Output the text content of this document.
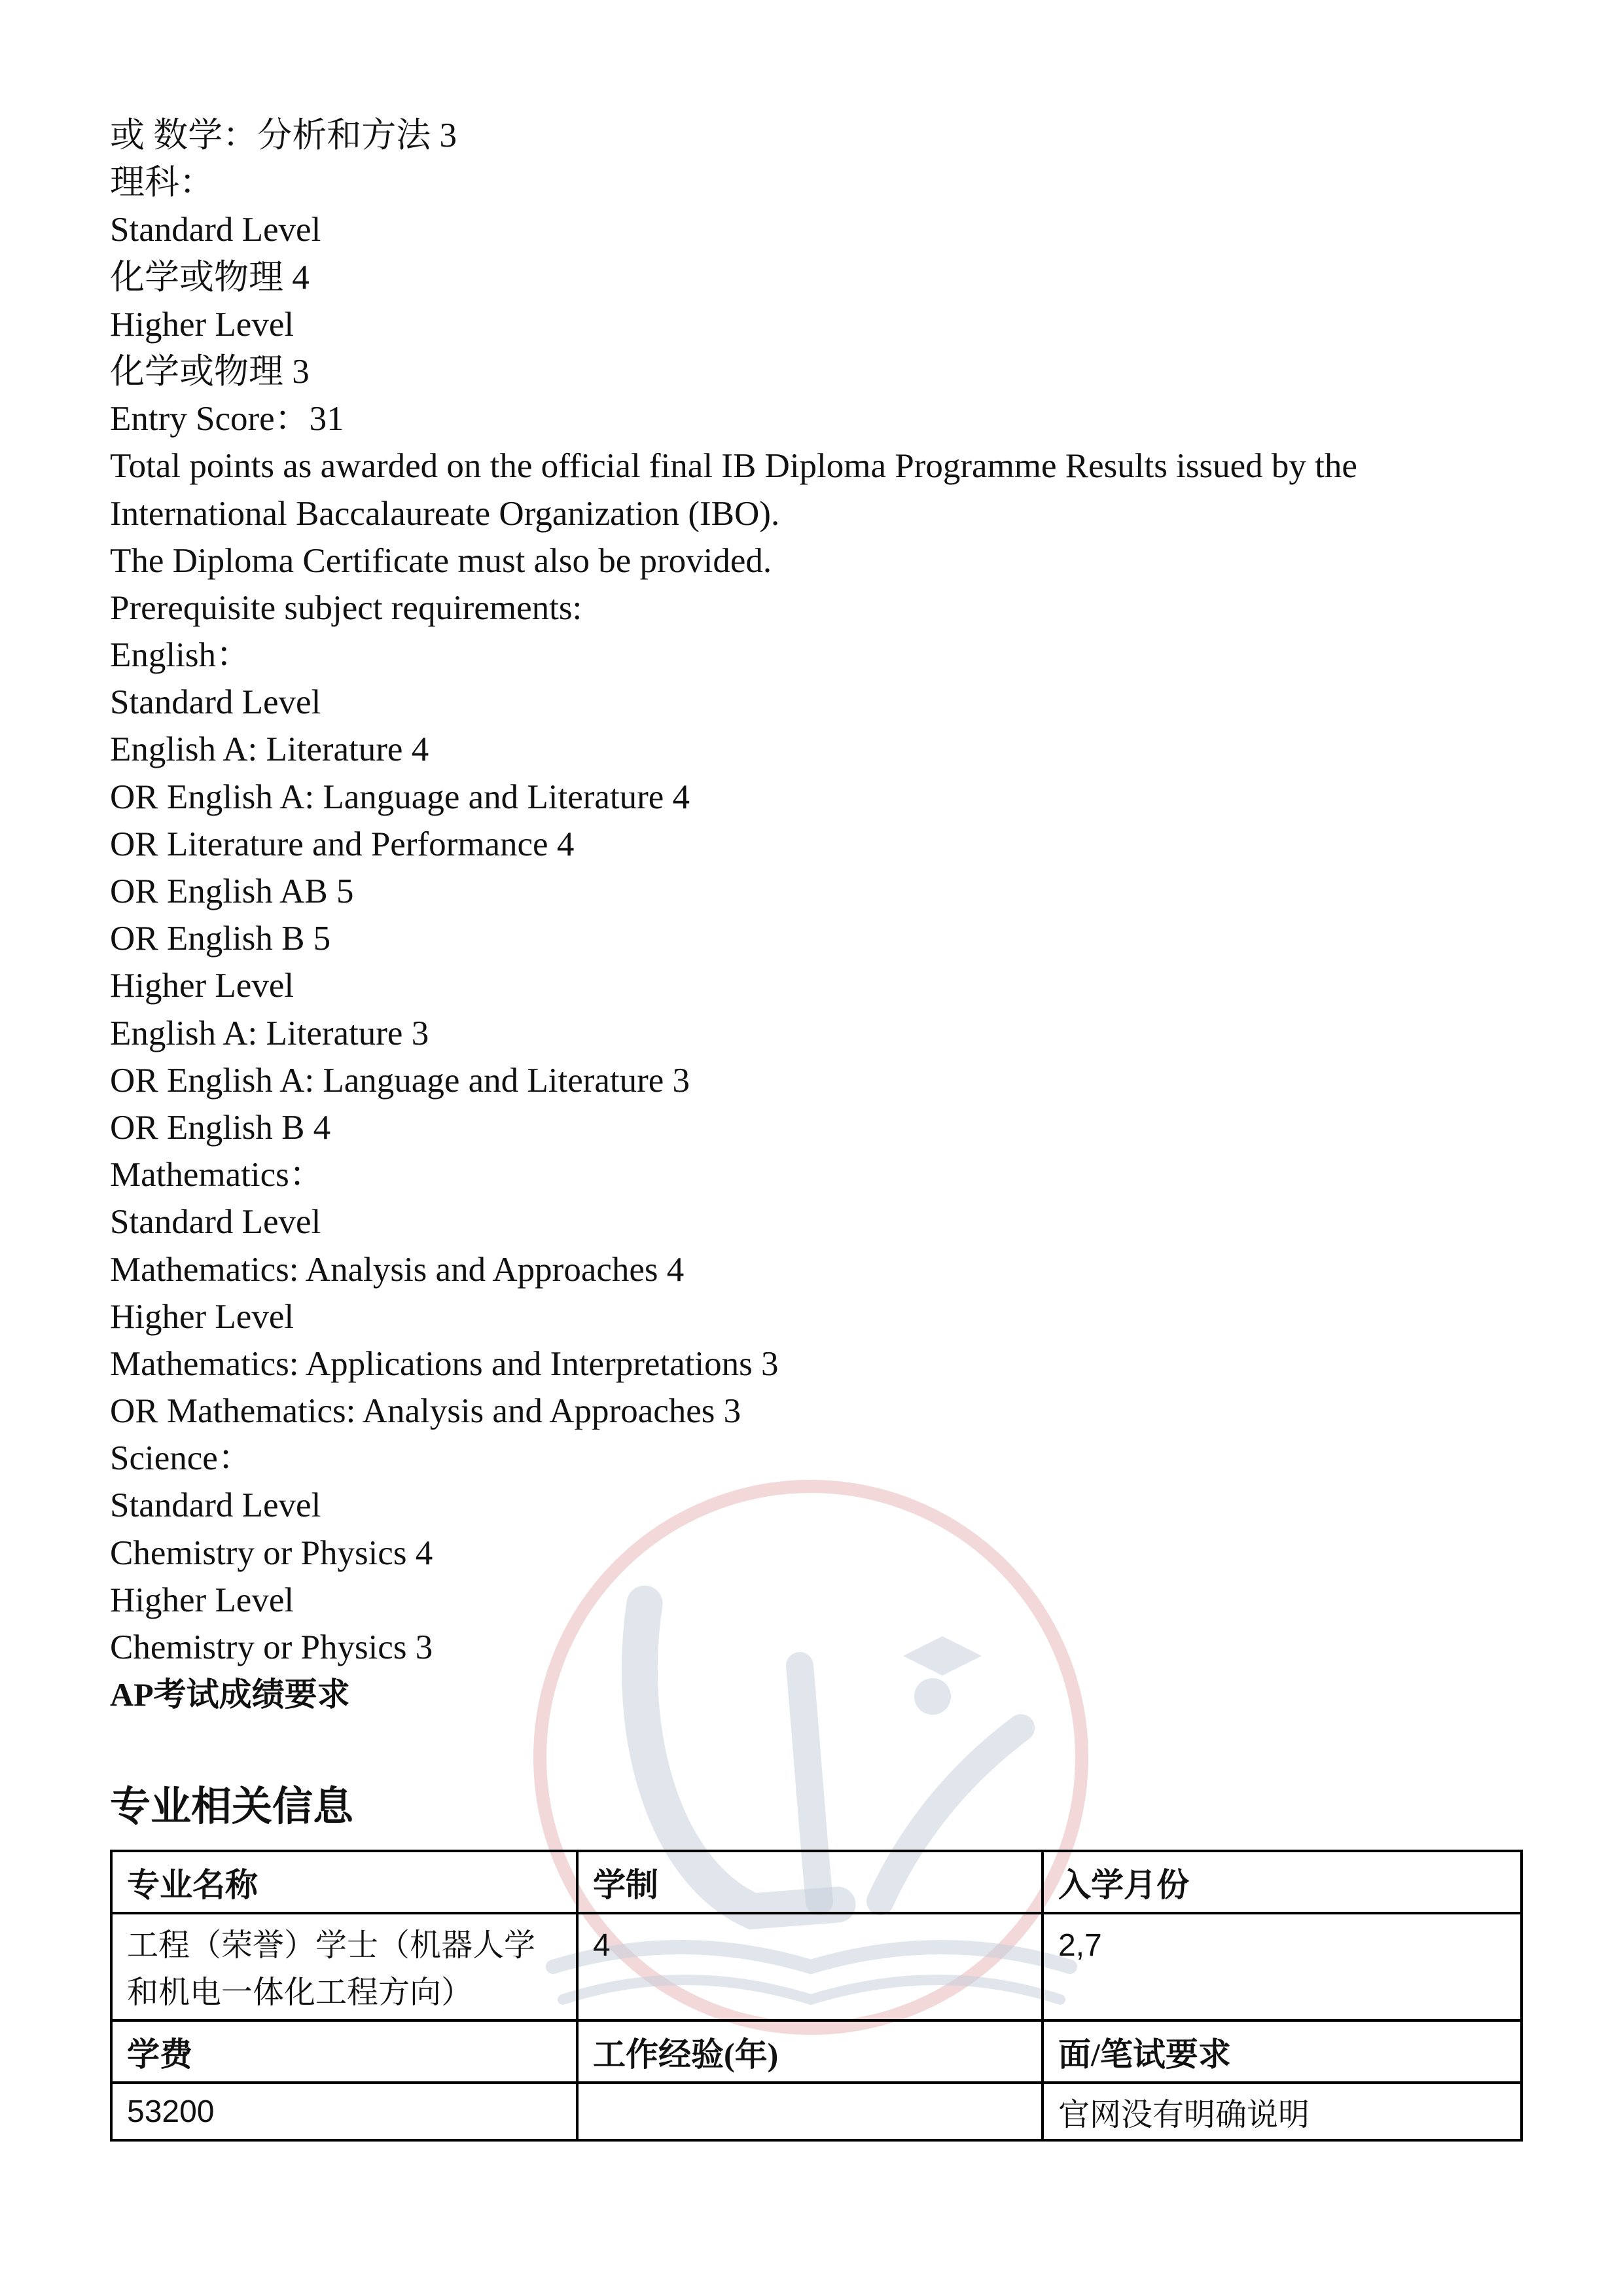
或 数学：分析和方法 3
理科：
Standard Level
化学或物理 4
Higher Level
化学或物理 3
Entry Score：31
Total points as awarded on the official final IB Diploma Programme Results issued by the
International Baccalaureate Organization (IBO).
The Diploma Certificate must also be provided.
Prerequisite subject requirements:
English：
Standard Level
English A: Literature 4
OR English A: Language and Literature 4
OR Literature and Performance 4
OR English AB 5
OR English B 5
Higher Level
English A: Literature 3
OR English A: Language and Literature 3
OR English B 4
Mathematics：
Standard Level
Mathematics: Analysis and Approaches 4
Higher Level
Mathematics: Applications and Interpretations 3
OR Mathematics: Analysis and Approaches 3
Science：
Standard Level
Chemistry or Physics 4
Higher Level
Chemistry or Physics 3
AP考试成绩要求
专业相关信息
专业名称	学制	入学月份
工程（荣誉）学士（机器人学和机电一体化工程方向）	4	2,7
学费	工作经验(年)	面/笔试要求
53200		官网没有明确说明
